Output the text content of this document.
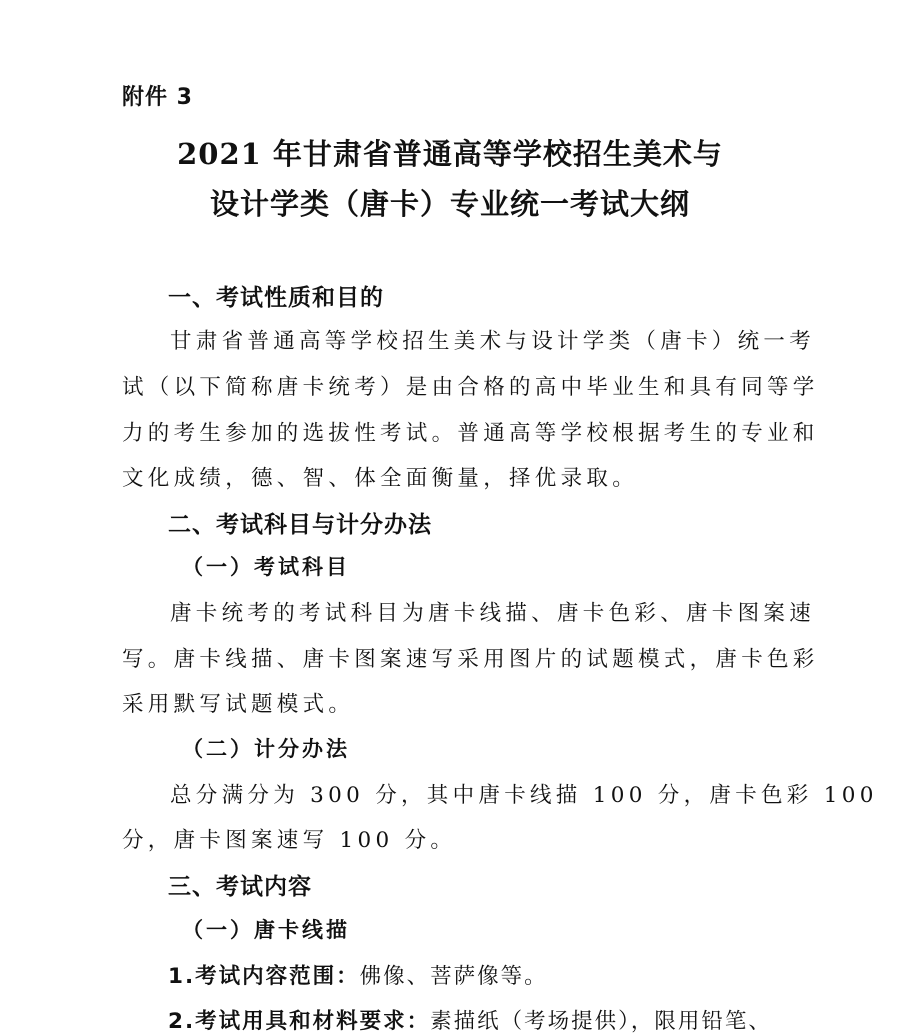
附件 3
2021 年甘肃省普通高等学校招生美术与
设计学类（唐卡）专业统一考试大纲
一、考试性质和目的
甘肃省普通高等学校招生美术与设计学类（唐卡）统一考
试（以下简称唐卡统考）是由合格的高中毕业生和具有同等学
力的考生参加的选拔性考试。普通高等学校根据考生的专业和
文化成绩，德、智、体全面衡量，择优录取。
二、考试科目与计分办法
（一）考试科目
唐卡统考的考试科目为唐卡线描、唐卡色彩、唐卡图案速
写。唐卡线描、唐卡图案速写采用图片的试题模式，唐卡色彩
采用默写试题模式。
（二）计分办法
总分满分为 300 分，其中唐卡线描 100 分，唐卡色彩 100
分，唐卡图案速写 100 分。
三、考试内容
（一）唐卡线描
1.考试内容范围：佛像、菩萨像等。
2.考试用具和材料要求：素描纸（考场提供），限用铅笔、
